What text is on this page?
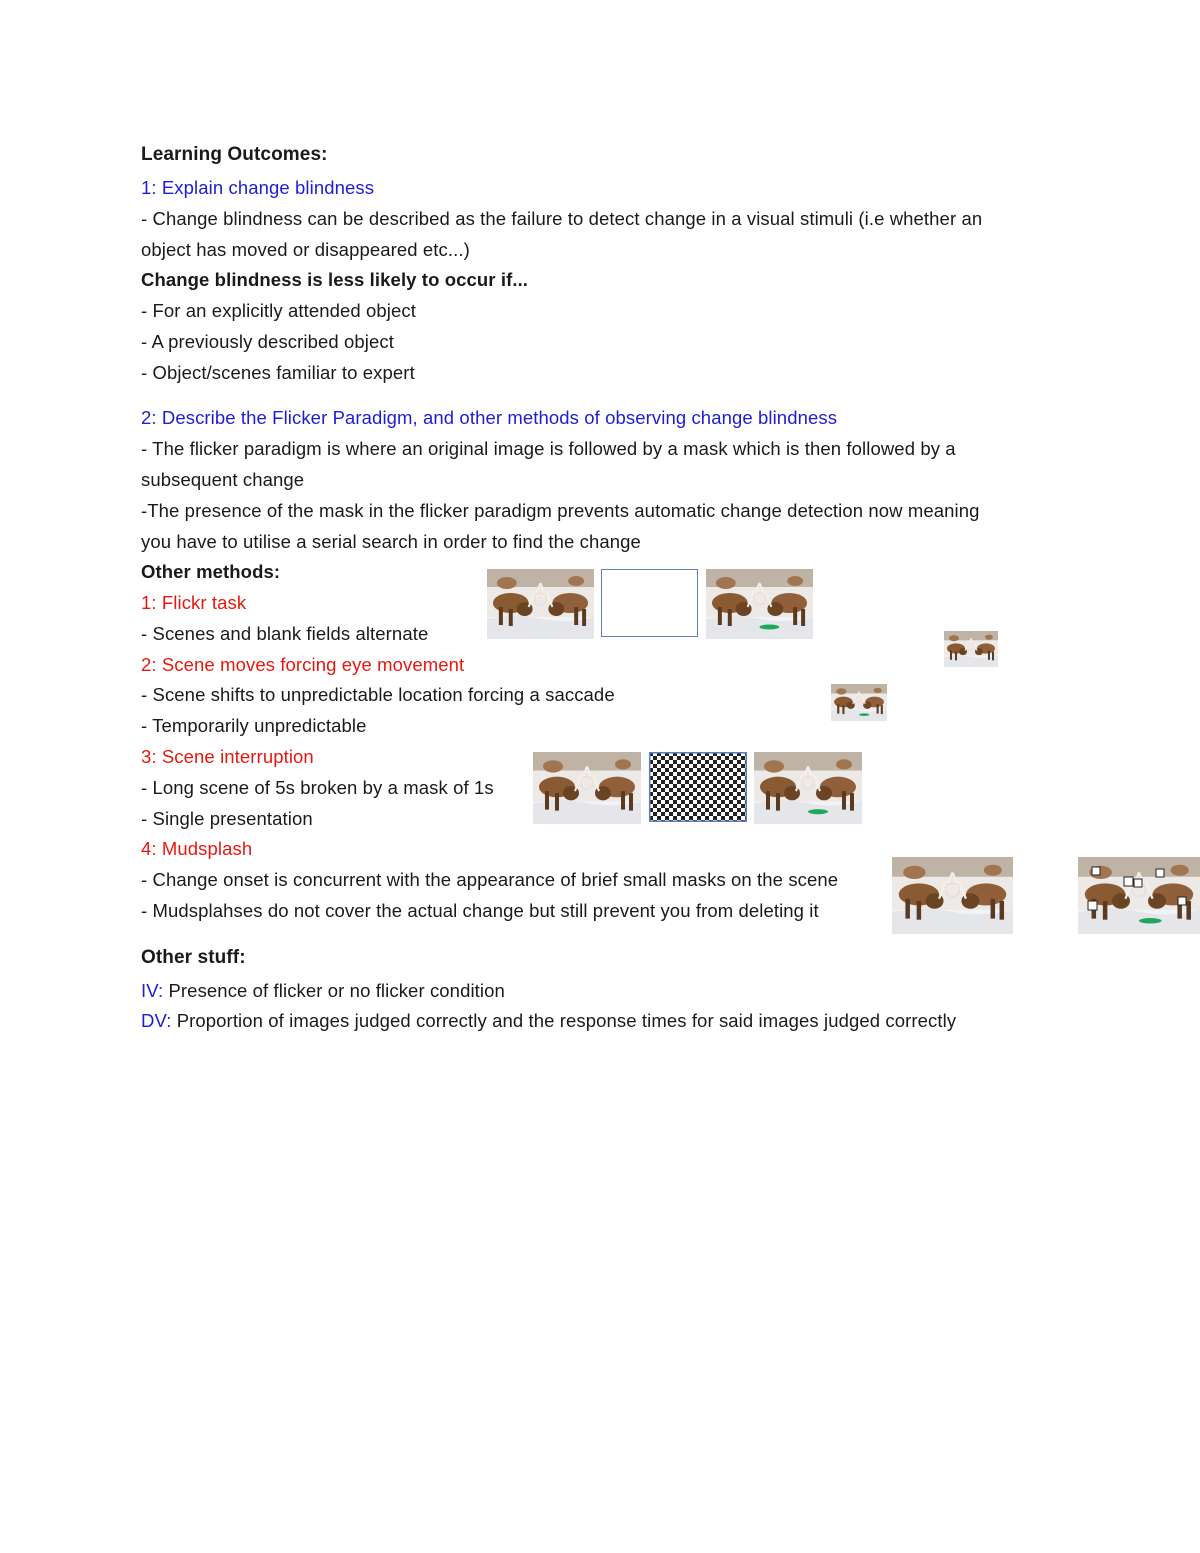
Learning Outcomes:
1: Explain change blindness
- Change blindness can be described as the failure to detect change in a visual stimuli (i.e whether an
object has moved or disappeared etc...)
Change blindness is less likely to occur if...
- For an explicitly attended object
- A previously described object
- Object/scenes familiar to expert
2: Describe the Flicker Paradigm, and other methods of observing change blindness
- The flicker paradigm is where an original image is followed by a mask which is then followed by a
subsequent change
-The presence of the mask in the flicker paradigm prevents automatic change detection now meaning
you have to utilise a serial search in order to find the change
Other methods:
1: Flickr task
- Scenes and blank fields alternate
2: Scene moves forcing eye movement
- Scene shifts to unpredictable location forcing a saccade
- Temporarily unpredictable
3: Scene interruption
- Long scene of 5s broken by a mask of 1s
- Single presentation
4: Mudsplash
- Change onset is concurrent with the appearance of brief small masks on the scene
- Mudsplahses do not cover the actual change but still prevent you from deleting it
Other stuff:
IV: Presence of flicker or no flicker condition
DV: Proportion of images judged correctly and the response times for said images judged correctly
